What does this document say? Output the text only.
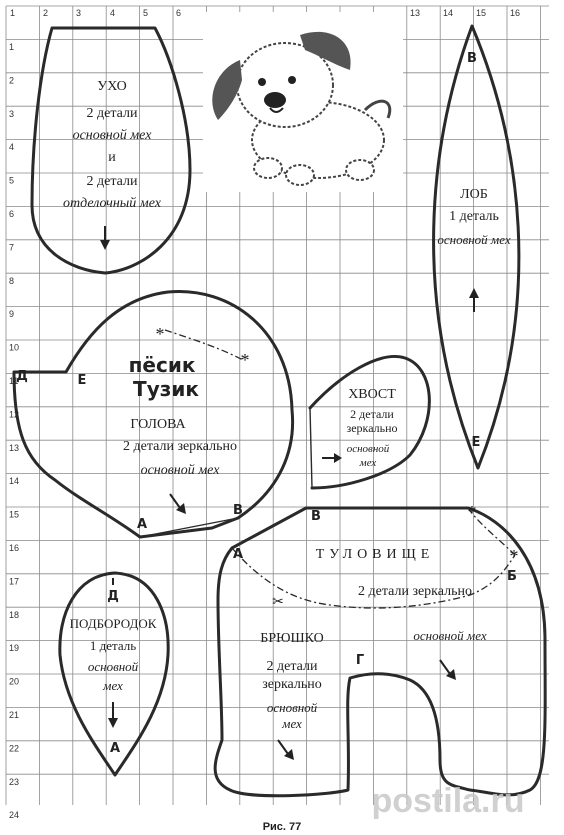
1	2	3	4	5	6	13	14	15	16
1
2
3
4
5
6
7
8
9
10
11
12
13
14
15
16
17
18
19
20
21
22
23
24
УХО
2 детали
основной мех
и
2 детали
отделочный мех
В
ЛОБ
1 деталь
основной мех
Е
пёсик
Тузик
ГОЛОВА
2 детали зеркально
основной мех
Д	Е
А
В
*
*
ХВОСТ
2 детали
зеркально
основной
мех
Д
ПОДБОРОДОК
1 деталь
основной
мех
А
В
А	ТУЛОВИЩЕ
Б
2 детали зеркально
основной мех
Г
✂
*
*
БРЮШКО
2 детали
зеркально
основной
мех
postila.ru
Рис. 77
